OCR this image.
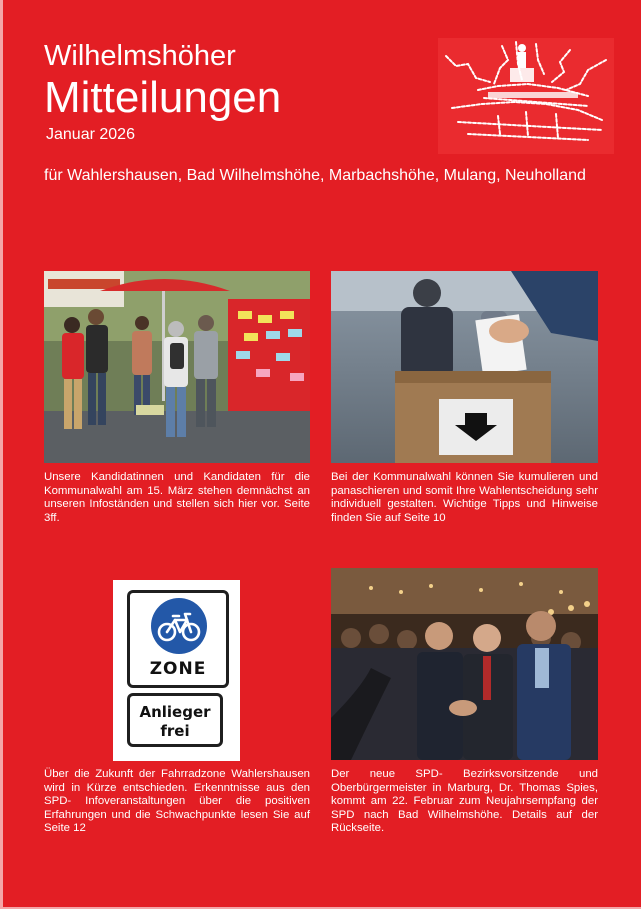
Wilhelmshöher
Mitteilungen
Januar 2026
für Wahlershausen, Bad Wilhelmshöhe, Marbachshöhe, Mulang, Neuholland
ZONE
Anlieger
frei
Unsere Kandidatinnen und Kandidaten für die Kommunalwahl am 15. März stehen demnächst an unseren Infoständen und stellen sich hier vor. Seite 3ff.
Bei der Kommunalwahl können Sie kumulieren und panaschieren und somit Ihre Wahlentscheidung sehr individuell gestalten. Wichtige Tipps und Hinweise finden Sie auf Seite 10
Über die Zukunft der Fahrradzone Wahlershausen wird in Kürze entschieden. Erkenntnisse aus den SPD- Infoveranstaltungen über die positiven Erfahrungen und die Schwachpunkte lesen Sie auf Seite 12
Der neue SPD- Bezirksvorsitzende und Oberbürgermeister in Marburg, Dr. Thomas Spies, kommt am 22. Februar zum Neujahrsempfang der SPD nach Bad Wilhelmshöhe. Details auf der Rückseite.
